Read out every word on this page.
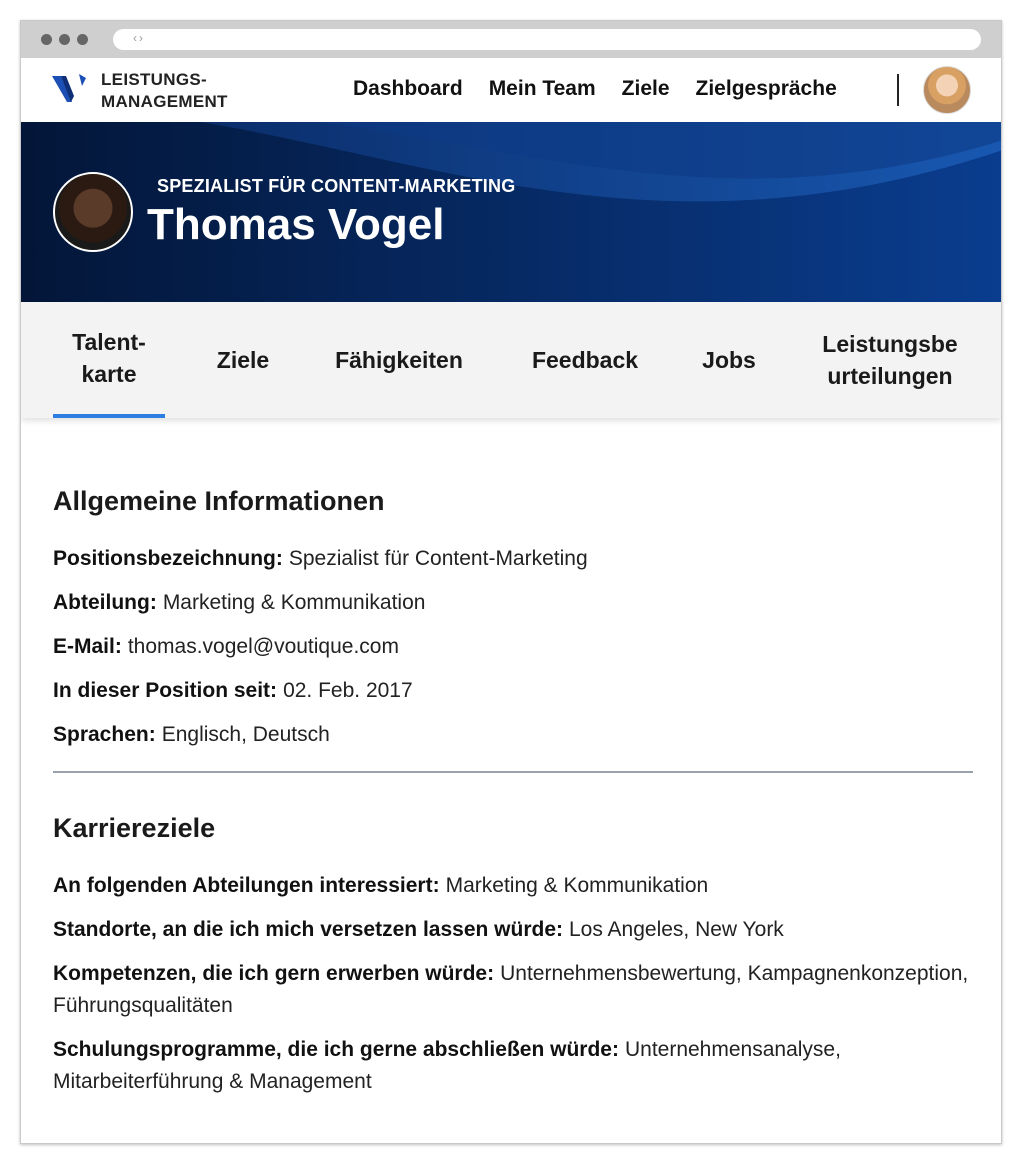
‹›
LEISTUNGS-
MANAGEMENT
Dashboard Mein Team Ziele Zielgespräche
SPEZIALIST FÜR CONTENT-MARKETING
Thomas Vogel
Talent-
karte
Ziele	Fähigkeiten	Feedback	Jobs
Leistungsbe
urteilungen
Allgemeine Informationen
Positionsbezeichnung: Spezialist für Content-Marketing
Abteilung: Marketing & Kommunikation
E-Mail: thomas.vogel@voutique.com
In dieser Position seit: 02. Feb. 2017
Sprachen: Englisch, Deutsch
Karriereziele
An folgenden Abteilungen interessiert: Marketing & Kommunikation
Standorte, an die ich mich versetzen lassen würde: Los Angeles, New York
Kompetenzen, die ich gern erwerben würde: Unternehmensbewertung, Kampagnenkonzeption, Führungsqualitäten
Schulungsprogramme, die ich gerne abschließen würde: Unternehmensanalyse, Mitarbeiterführung & Management
